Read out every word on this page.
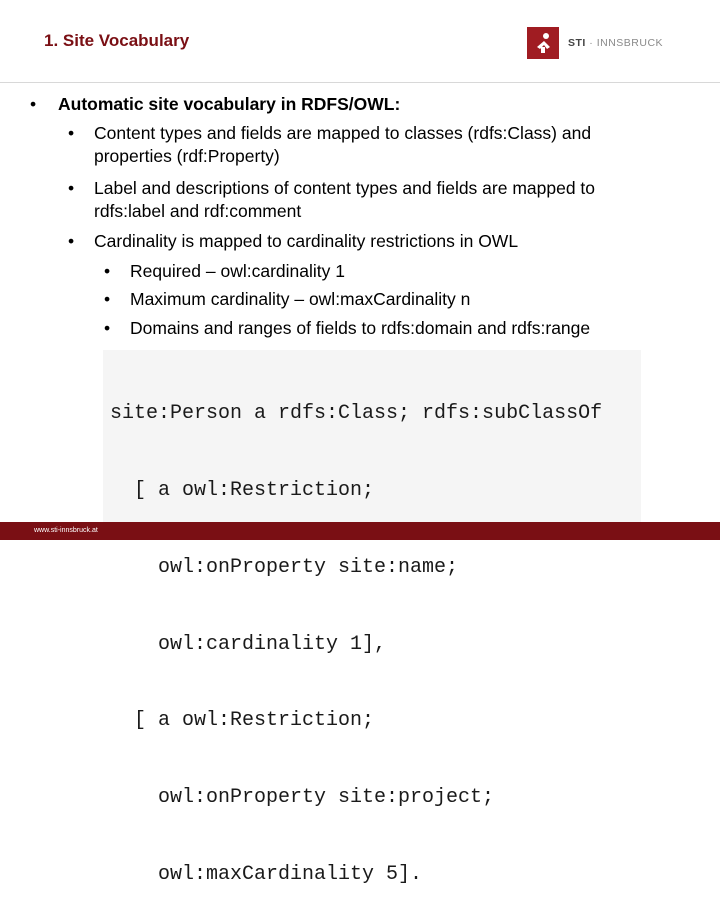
1. Site Vocabulary	STI · INNSBRUCK
• Automatic site vocabulary in RDFS/OWL:
• Content types and fields are mapped to classes (rdfs:Class) and
properties (rdf:Property)
• Label and descriptions of content types and fields are mapped to
rdfs:label and rdf:comment
• Cardinality is mapped to cardinality restrictions in OWL
• Required – owl:cardinality 1
• Maximum cardinality – owl:maxCardinality n
• Domains and ranges of fields to rdfs:domain and rdfs:range

site:Person a rdfs:Class; rdfs:subClassOf

[ a owl:Restriction;

owl:onProperty site:name;

owl:cardinality 1],

[ a owl:Restriction;

owl:onProperty site:project;

owl:maxCardinality 5].

www.sti-innsbruck.at
